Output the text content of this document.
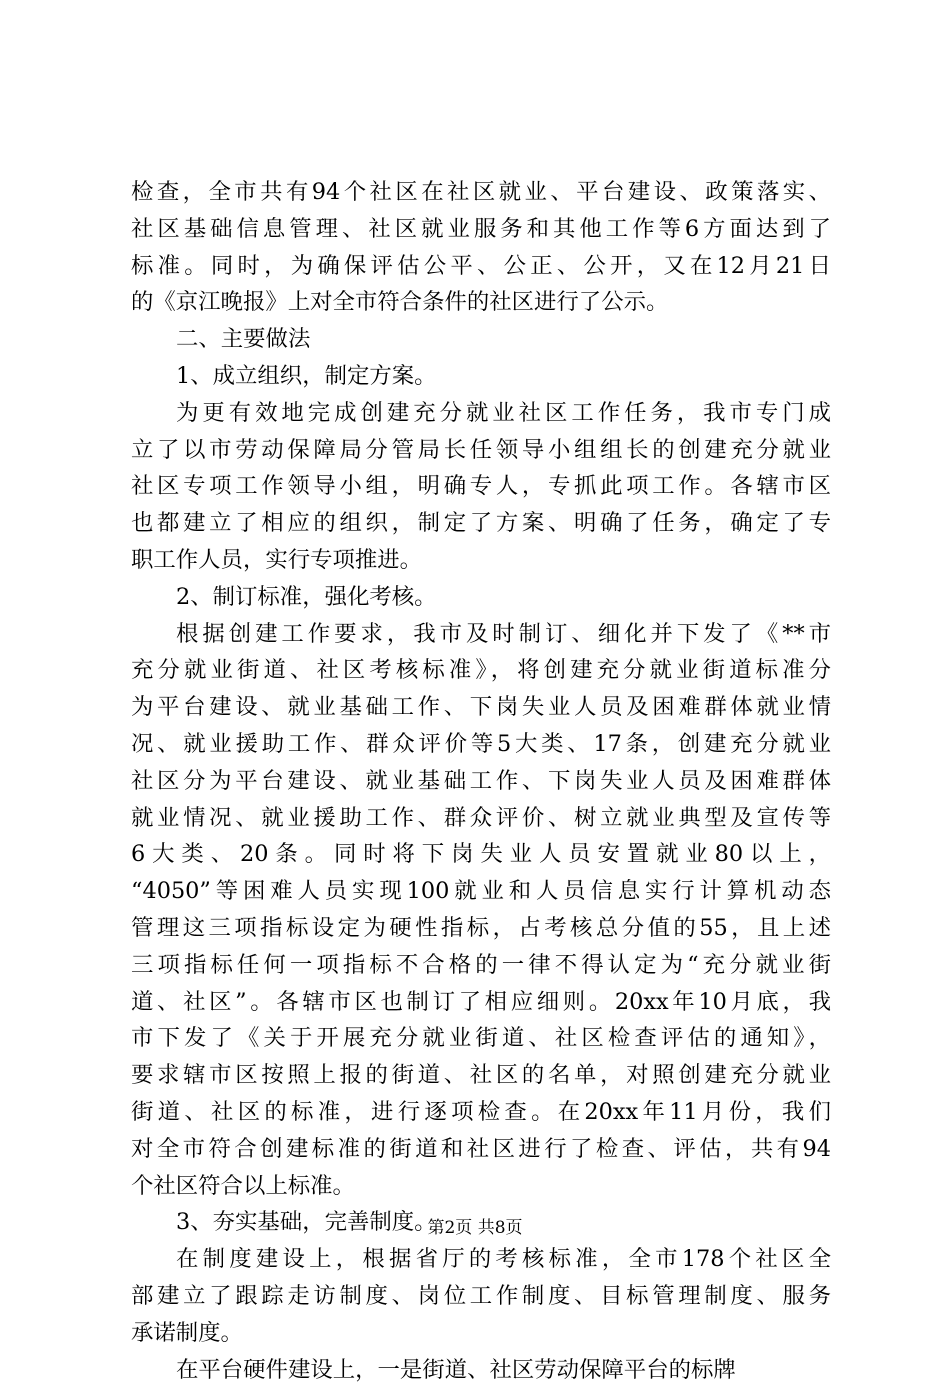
检查，全市共有94个社区在社区就业、平台建设、政策落实、
社区基础信息管理、社区就业服务和其他工作等6方面达到了
标准。同时，为确保评估公平、公正、公开，又在12月21日
的《京江晚报》上对全市符合条件的社区进行了公示。
二、主要做法
1、成立组织，制定方案。
为更有效地完成创建充分就业社区工作任务，我市专门成
立了以市劳动保障局分管局长任领导小组组长的创建充分就业
社区专项工作领导小组，明确专人，专抓此项工作。各辖市区
也都建立了相应的组织，制定了方案、明确了任务，确定了专
职工作人员，实行专项推进。
2、制订标准，强化考核。
根据创建工作要求，我市及时制订、细化并下发了《**市
充分就业街道、社区考核标准》，将创建充分就业街道标准分
为平台建设、就业基础工作、下岗失业人员及困难群体就业情
况、就业援助工作、群众评价等5大类、17条，创建充分就业
社区分为平台建设、就业基础工作、下岗失业人员及困难群体
就业情况、就业援助工作、群众评价、树立就业典型及宣传等
6大类、20条。同时将下岗失业人员安置就业80以上，
“4050”等困难人员实现100就业和人员信息实行计算机动态
管理这三项指标设定为硬性指标，占考核总分值的55，且上述
三项指标任何一项指标不合格的一律不得认定为“充分就业街
道、社区”。各辖市区也制订了相应细则。20xx年10月底，我
市下发了《关于开展充分就业街道、社区检查评估的通知》，
要求辖市区按照上报的街道、社区的名单，对照创建充分就业
街道、社区的标准，进行逐项检查。在20xx年11月份，我们
对全市符合创建标准的街道和社区进行了检查、评估，共有94
个社区符合以上标准。
3、夯实基础，完善制度。
在制度建设上，根据省厅的考核标准，全市178个社区全
部建立了跟踪走访制度、岗位工作制度、目标管理制度、服务
承诺制度。
在平台硬件建设上，一是街道、社区劳动保障平台的标牌
第2页 共8页
